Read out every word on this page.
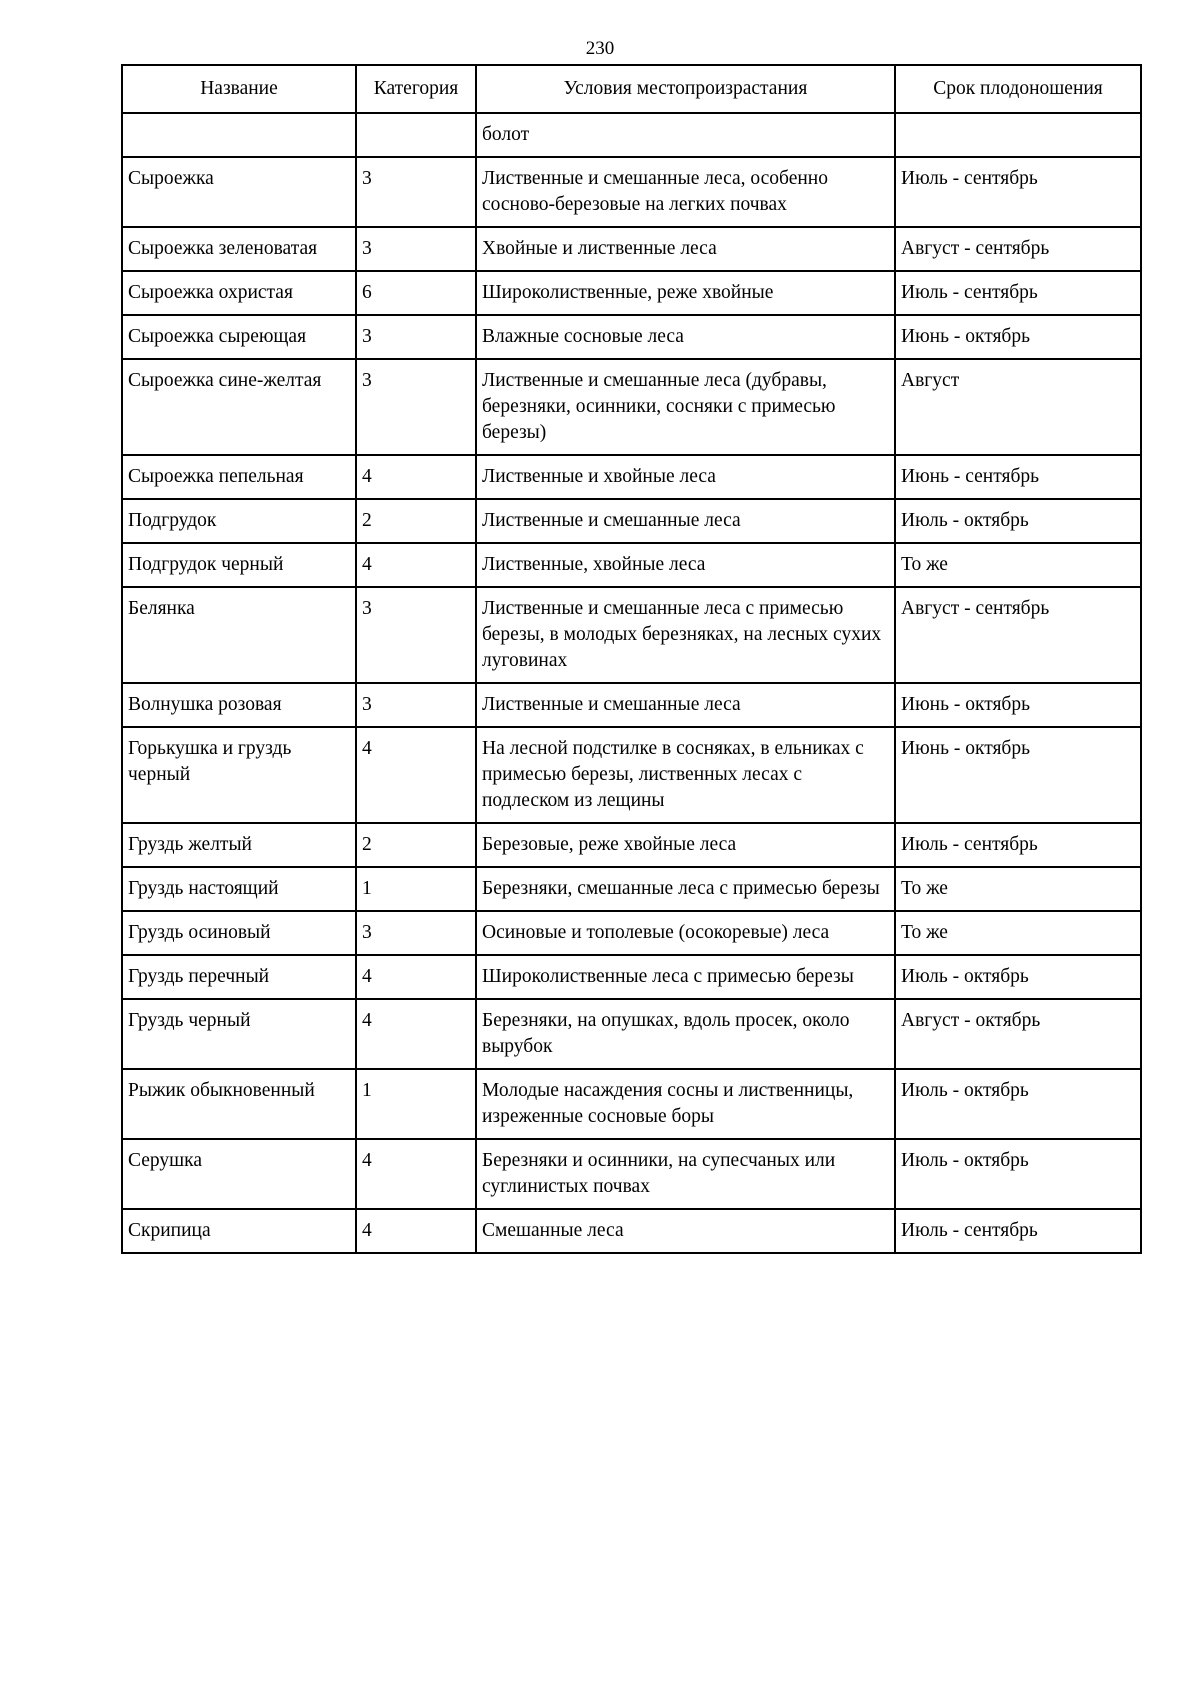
230
Название	Категория	Условия местопроизрастания	Срок плодоношения
		болот	
Сыроежка	3	Лиственные и смешанные леса, особенно сосново-березовые на легких почвах	Июль - сентябрь
Сыроежка зеленоватая	3	Хвойные и лиственные леса	Август - сентябрь
Сыроежка охристая	6	Широколиственные, реже хвойные	Июль - сентябрь
Сыроежка сыреющая	3	Влажные сосновые леса	Июнь - октябрь
Сыроежка сине-желтая	3	Лиственные и смешанные леса (дубравы, березняки, осинники, сосняки с примесью березы)	Август
Сыроежка пепельная	4	Лиственные и хвойные леса	Июнь - сентябрь
Подгрудок	2	Лиственные и смешанные леса	Июль - октябрь
Подгрудок черный	4	Лиственные, хвойные леса	То же
Белянка	3	Лиственные и смешанные леса с примесью березы, в молодых березняках, на лесных сухих луговинах	Август - сентябрь
Волнушка розовая	3	Лиственные и смешанные леса	Июнь - октябрь
Горькушка и груздь черный	4	На лесной подстилке в сосняках, в ельниках с примесью березы, лиственных лесах с подлеском из лещины	Июнь - октябрь
Груздь желтый	2	Березовые, реже хвойные леса	Июль - сентябрь
Груздь настоящий	1	Березняки, смешанные леса с примесью березы	То же
Груздь осиновый	3	Осиновые и тополевые (осокоревые) леса	То же
Груздь перечный	4	Широколиственные леса с примесью березы	Июль - октябрь
Груздь черный	4	Березняки, на опушках, вдоль просек, около вырубок	Август - октябрь
Рыжик обыкновенный	1	Молодые насаждения сосны и лиственницы, изреженные сосновые боры	Июль - октябрь
Серушка	4	Березняки и осинники, на супесчаных или суглинистых почвах	Июль - октябрь
Скрипица	4	Смешанные леса	Июль - сентябрь
